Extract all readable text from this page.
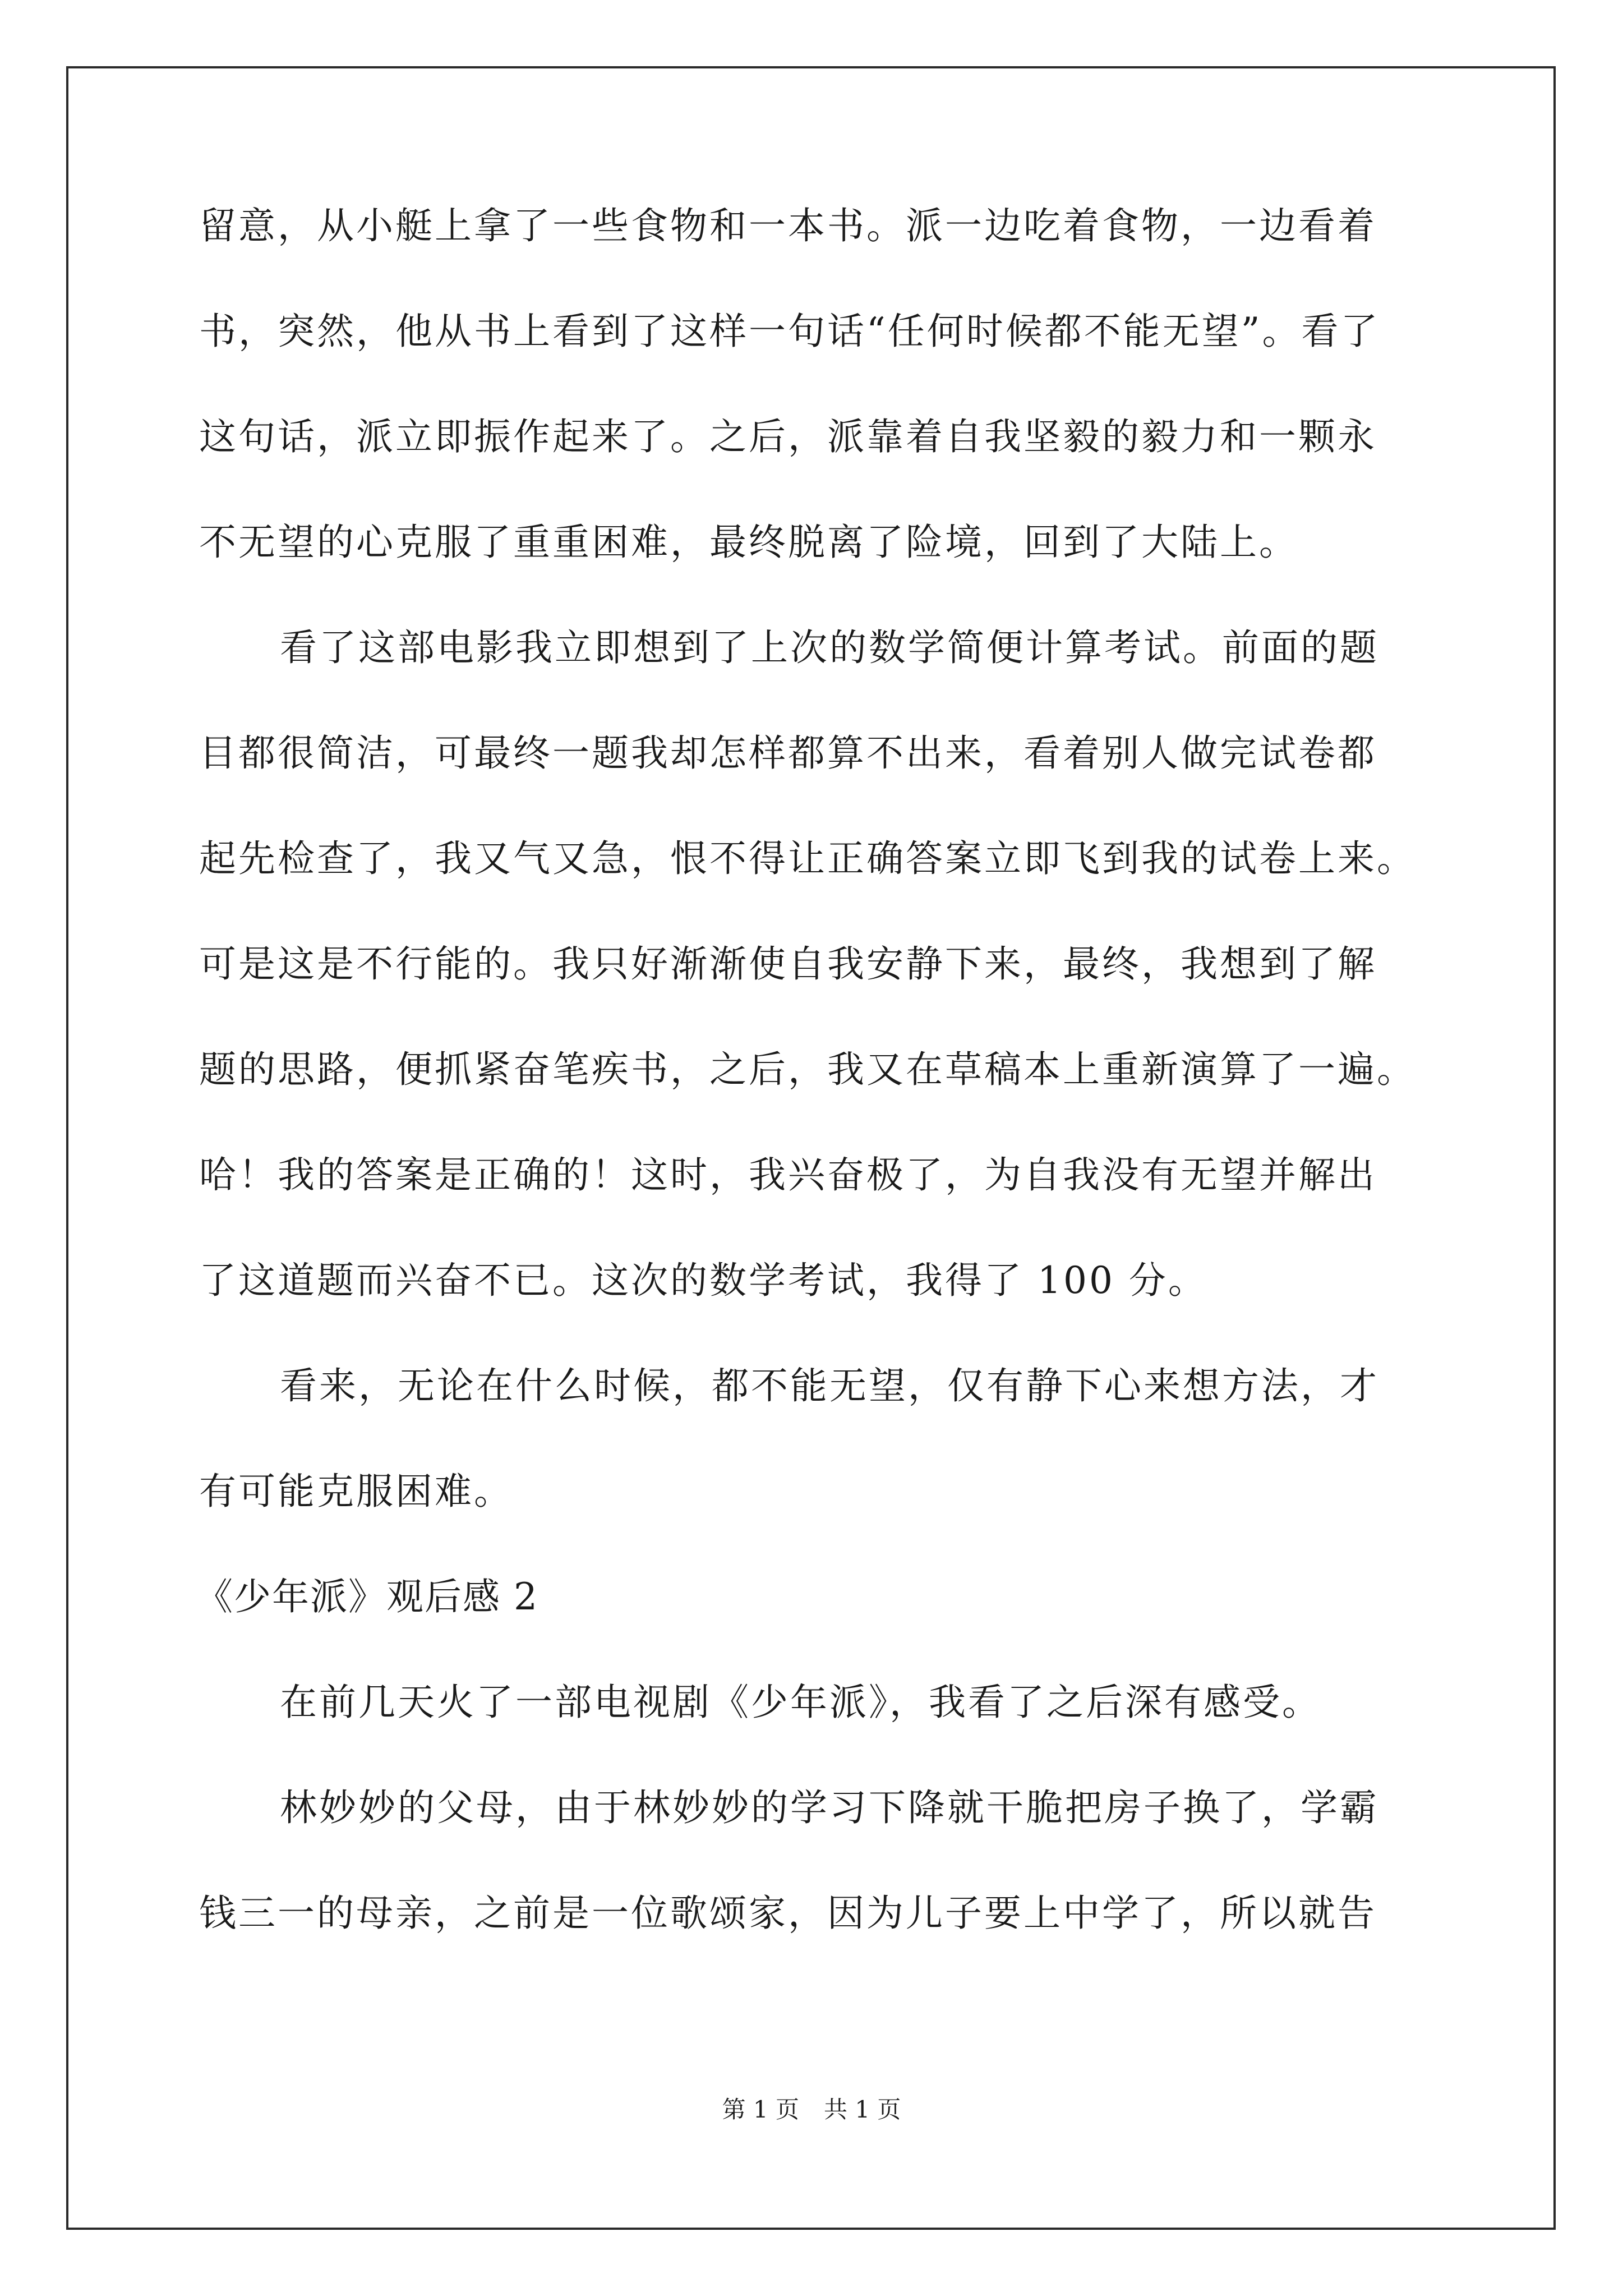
留意，从小艇上拿了一些食物和一本书。派一边吃着食物，一边看着
书，突然，他从书上看到了这样一句话“任何时候都不能无望”。看了
这句话，派立即振作起来了。之后，派靠着自我坚毅的毅力和一颗永
不无望的心克服了重重困难，最终脱离了险境，回到了大陆上。
看了这部电影我立即想到了上次的数学简便计算考试。前面的题
目都很简洁，可最终一题我却怎样都算不出来，看着别人做完试卷都
起先检查了，我又气又急，恨不得让正确答案立即飞到我的试卷上来。
可是这是不行能的。我只好渐渐使自我安静下来，最终，我想到了解
题的思路，便抓紧奋笔疾书，之后，我又在草稿本上重新演算了一遍。
哈！我的答案是正确的！这时，我兴奋极了，为自我没有无望并解出
了这道题而兴奋不已。这次的数学考试，我得了 100 分。
看来，无论在什么时候，都不能无望，仅有静下心来想方法，才
有可能克服困难。
《少年派》观后感 2
在前几天火了一部电视剧《少年派》，我看了之后深有感受。
林妙妙的父母，由于林妙妙的学习下降就干脆把房子换了，学霸
钱三一的母亲，之前是一位歌颂家，因为儿子要上中学了，所以就告
第 1 页 共 1 页
